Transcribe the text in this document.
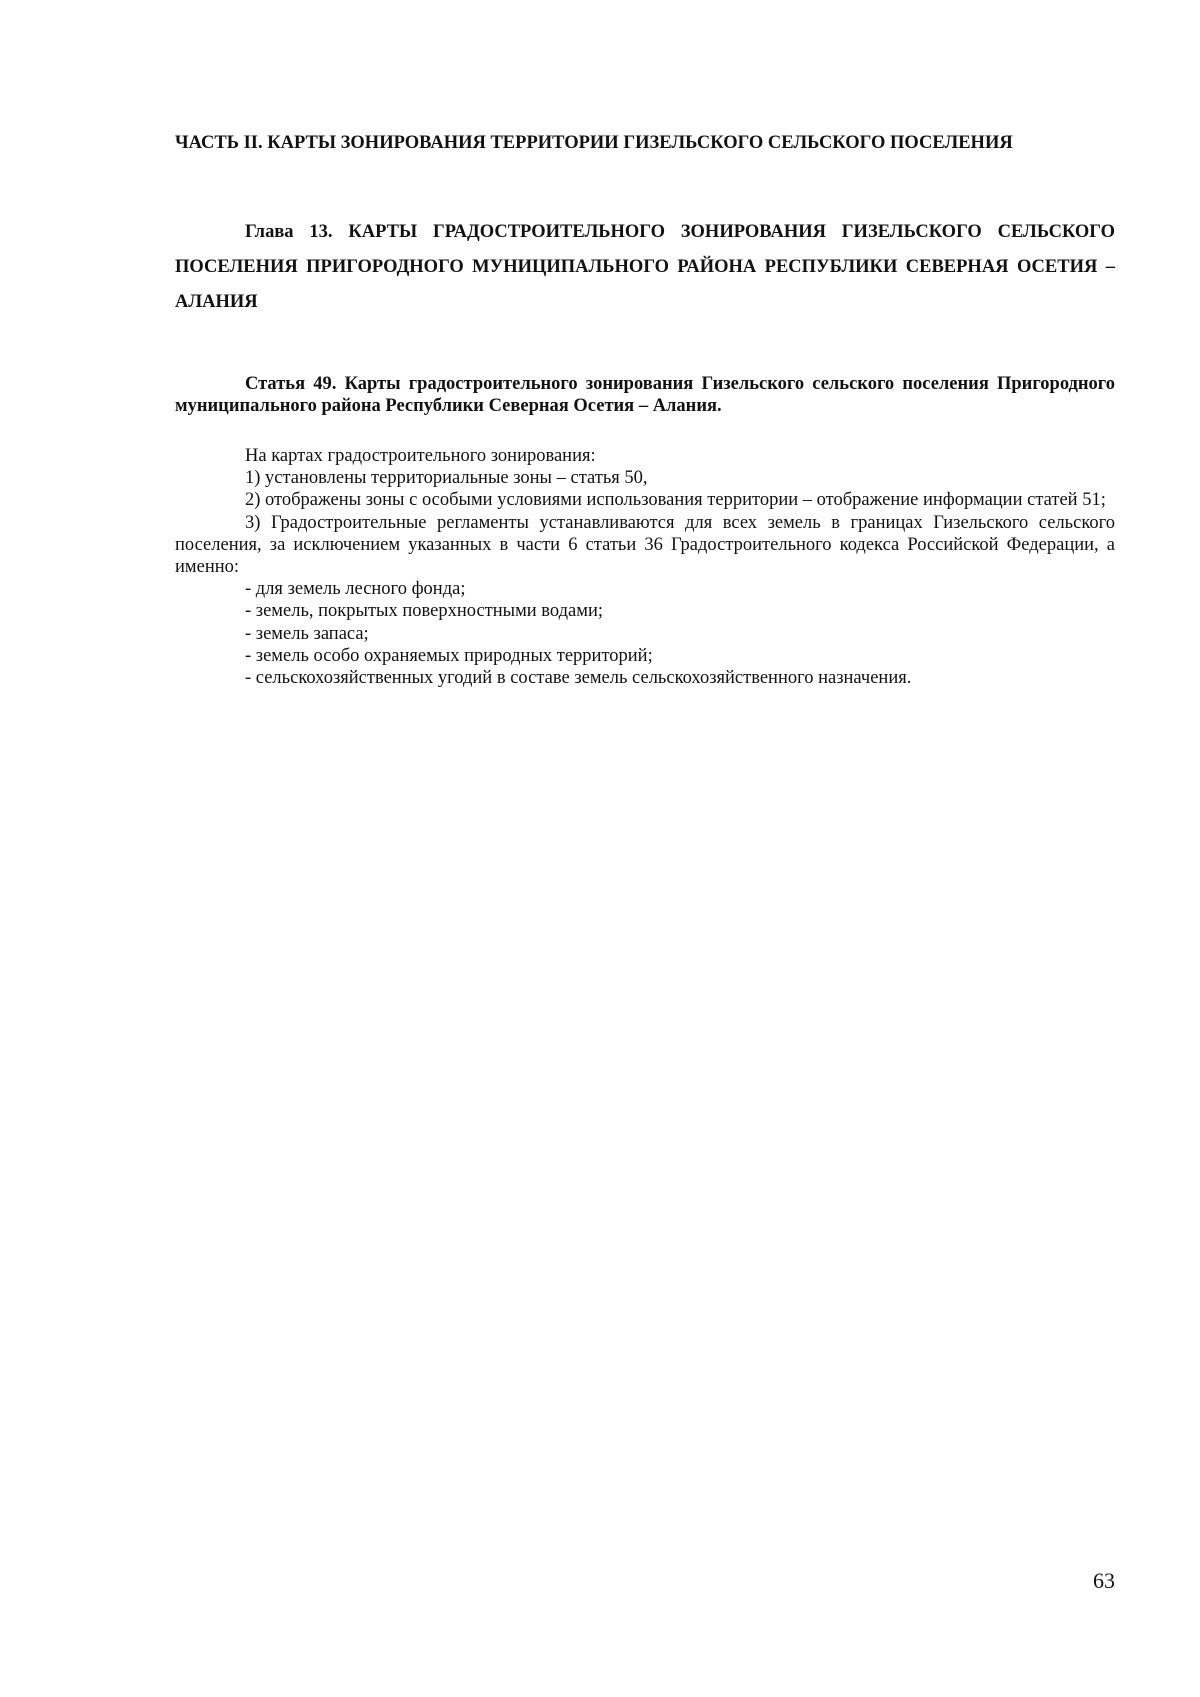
ЧАСТЬ II. КАРТЫ ЗОНИРОВАНИЯ ТЕРРИТОРИИ ГИЗЕЛЬСКОГО СЕЛЬСКОГО ПОСЕЛЕНИЯ
Глава 13. КАРТЫ ГРАДОСТРОИТЕЛЬНОГО ЗОНИРОВАНИЯ ГИЗЕЛЬСКОГО СЕЛЬСКОГО ПОСЕЛЕНИЯ ПРИГОРОДНОГО МУНИЦИПАЛЬНОГО РАЙОНА РЕСПУБЛИКИ СЕВЕРНАЯ ОСЕТИЯ – АЛАНИЯ
Статья 49. Карты градостроительного зонирования Гизельского сельского поселения Пригородного муниципального района Республики Северная Осетия – Алания.

На картах градостроительного зонирования:

1) установлены территориальные зоны – статья 50,

2) отображены зоны с особыми условиями использования территории – отображение информации статей 51;

3) Градостроительные регламенты устанавливаются для всех земель в границах Гизельского сельского поселения, за исключением указанных в части 6 статьи 36 Градостроительного кодекса Российской Федерации, а именно:

- для земель лесного фонда;
- земель, покрытых поверхностными водами;
- земель запаса;
- земель особо охраняемых природных территорий;
- сельскохозяйственных угодий в составе земель сельскохозяйственного назначения.
63
